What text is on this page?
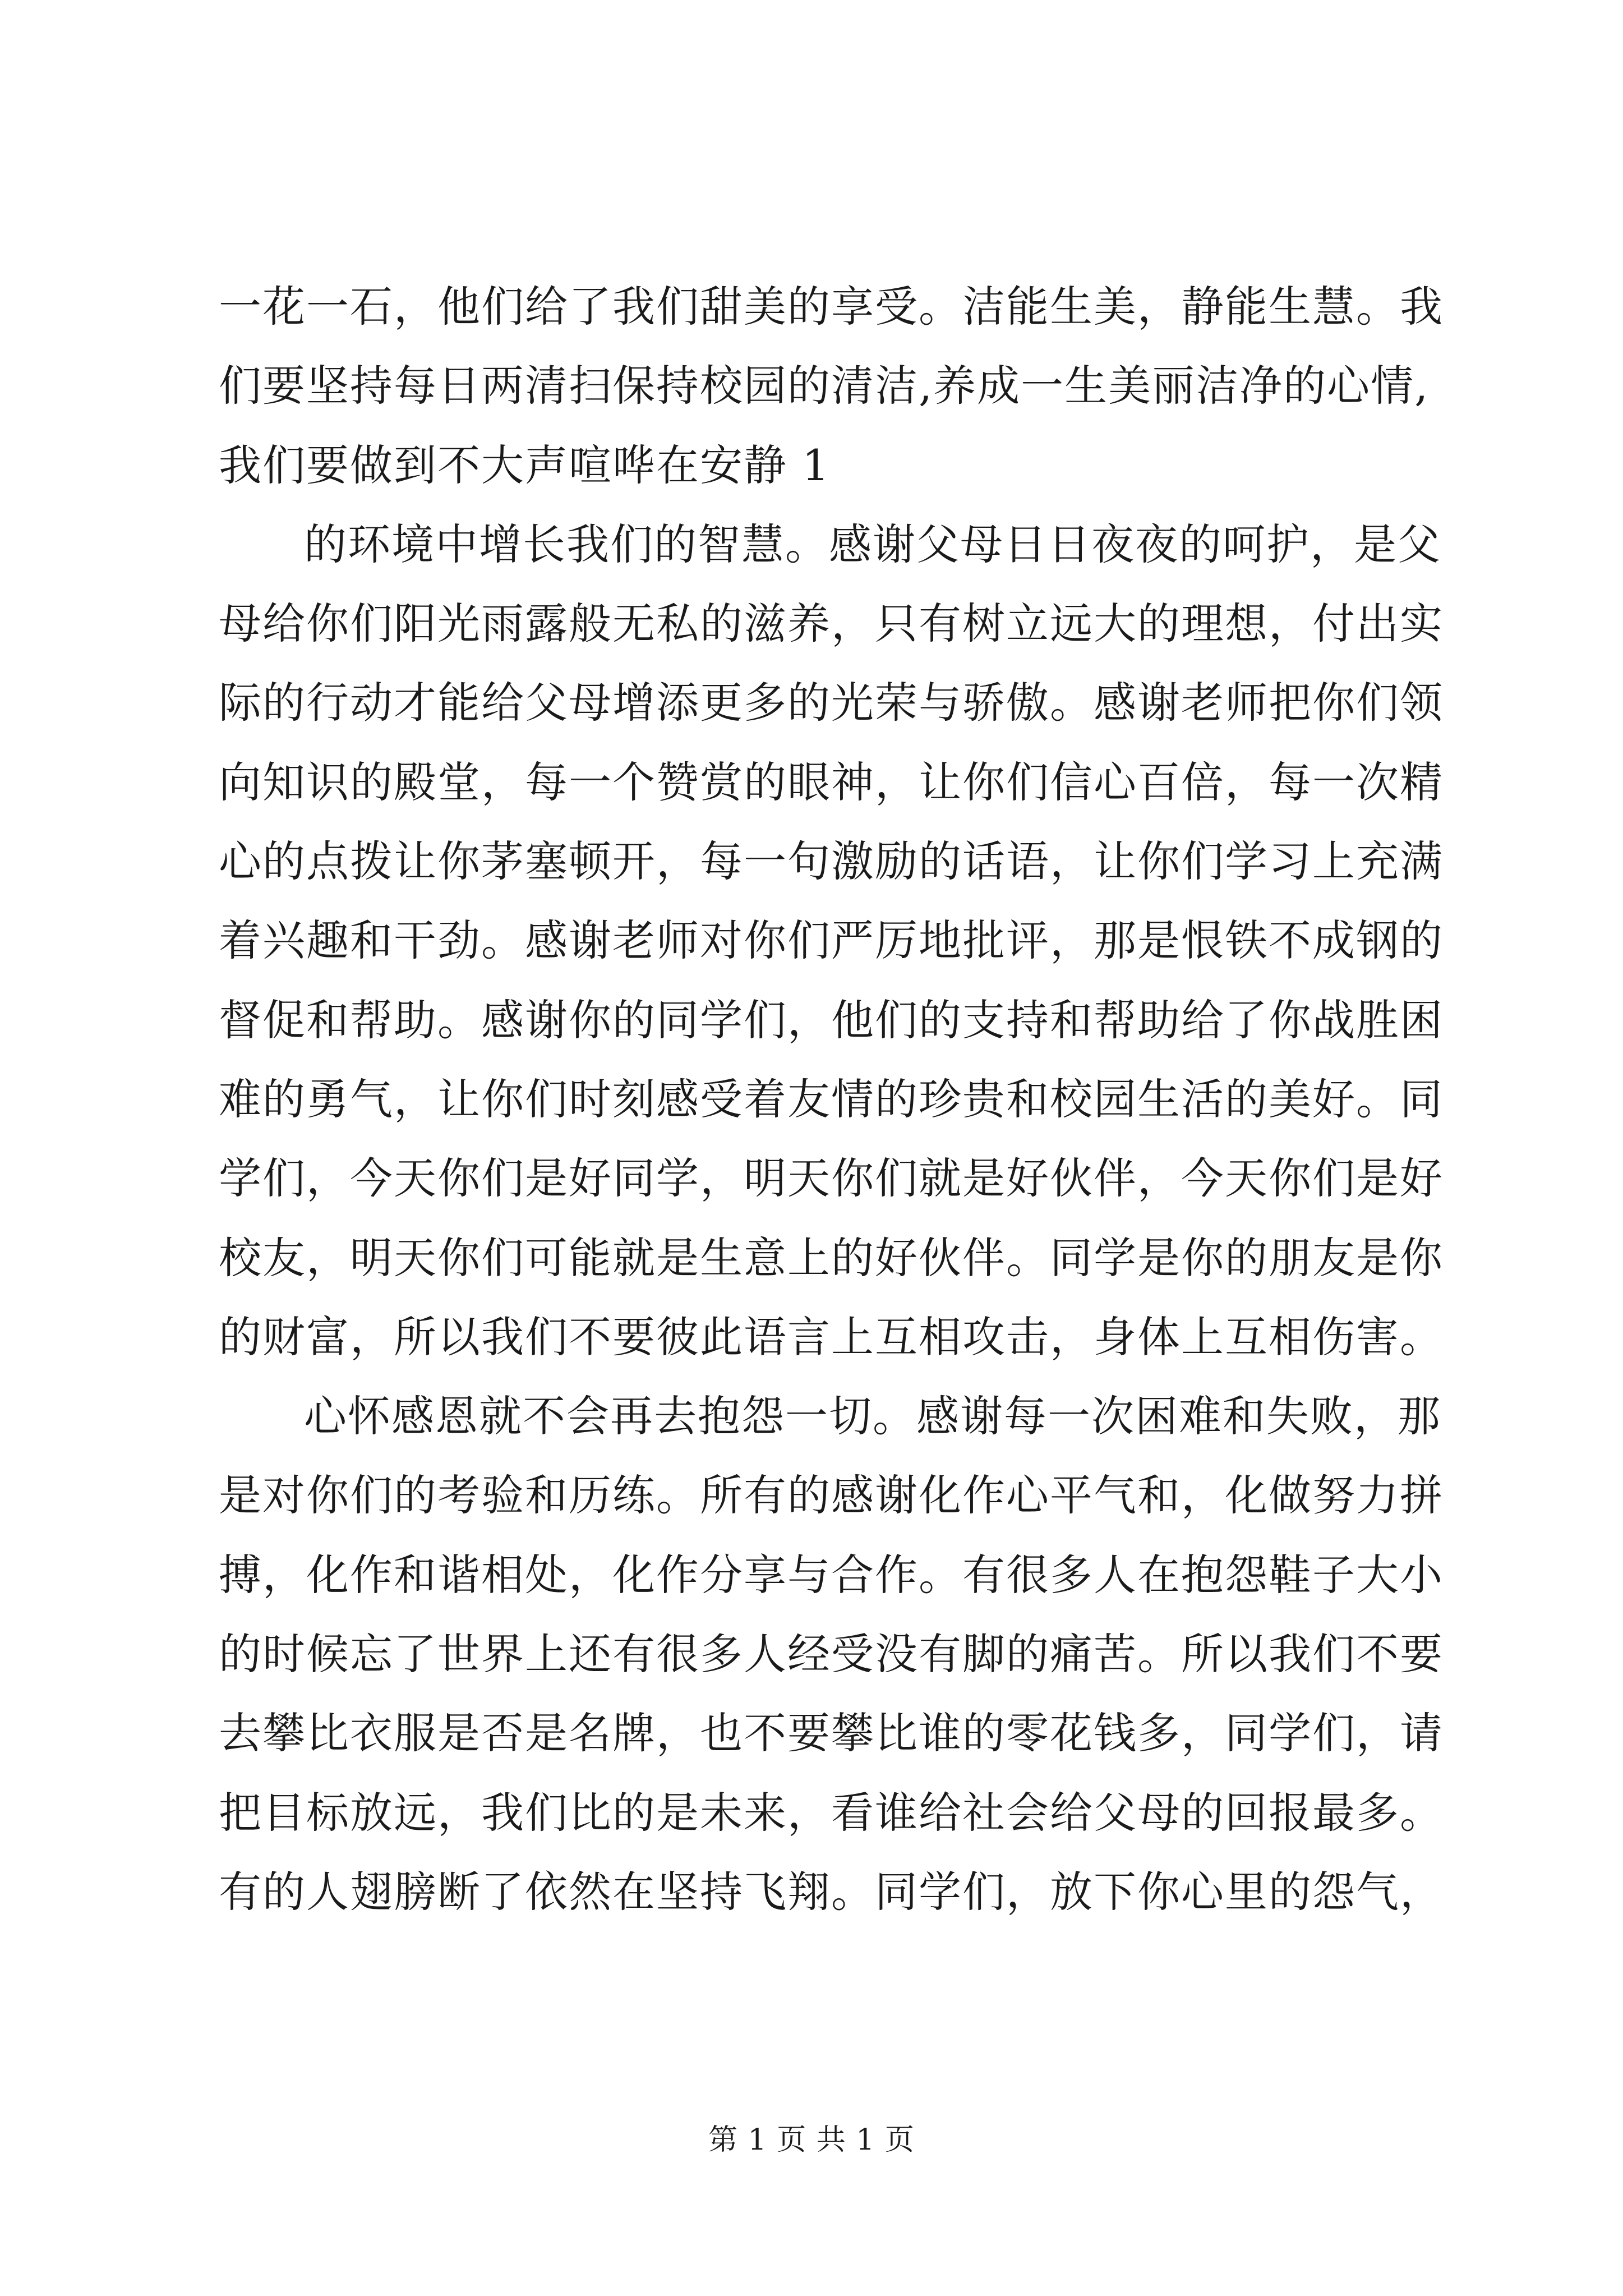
一花一石，他们给了我们甜美的享受。洁能生美，静能生慧。我
们要坚持每日两清扫保持校园的清洁,养成一生美丽洁净的心情,
我们要做到不大声喧哗在安静 1
的环境中增长我们的智慧。感谢父母日日夜夜的呵护，是父
母给你们阳光雨露般无私的滋养，只有树立远大的理想，付出实
际的行动才能给父母增添更多的光荣与骄傲。感谢老师把你们领
向知识的殿堂，每一个赞赏的眼神，让你们信心百倍，每一次精
心的点拨让你茅塞顿开，每一句激励的话语，让你们学习上充满
着兴趣和干劲。感谢老师对你们严厉地批评，那是恨铁不成钢的
督促和帮助。感谢你的同学们，他们的支持和帮助给了你战胜困
难的勇气，让你们时刻感受着友情的珍贵和校园生活的美好。同
学们，今天你们是好同学，明天你们就是好伙伴，今天你们是好
校友，明天你们可能就是生意上的好伙伴。同学是你的朋友是你
的财富，所以我们不要彼此语言上互相攻击，身体上互相伤害。
心怀感恩就不会再去抱怨一切。感谢每一次困难和失败，那
是对你们的考验和历练。所有的感谢化作心平气和，化做努力拼
搏，化作和谐相处，化作分享与合作。有很多人在抱怨鞋子大小
的时候忘了世界上还有很多人经受没有脚的痛苦。所以我们不要
去攀比衣服是否是名牌，也不要攀比谁的零花钱多，同学们，请
把目标放远，我们比的是未来，看谁给社会给父母的回报最多。
有的人翅膀断了依然在坚持飞翔。同学们，放下你心里的怨气，
第 1 页 共 1 页
